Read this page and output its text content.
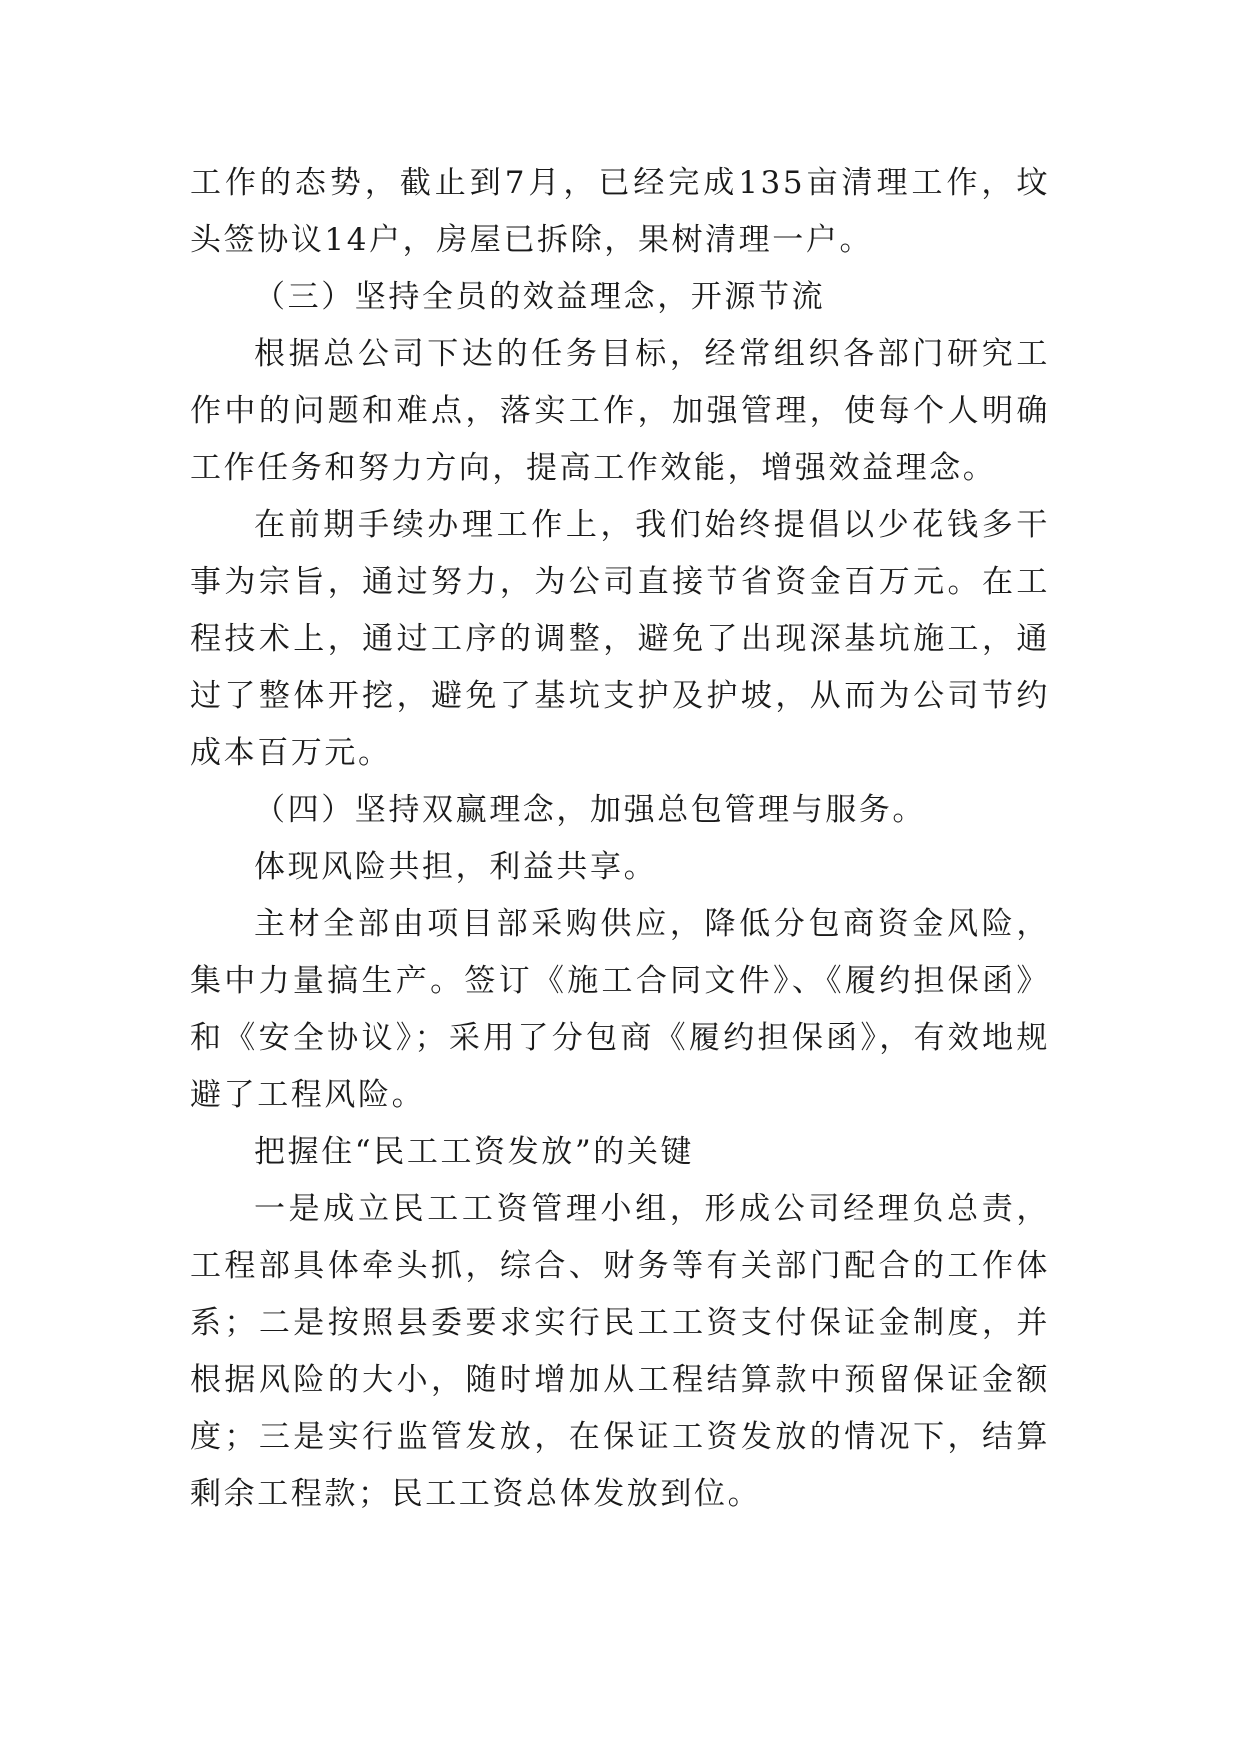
工作的态势，截止到7月，已经完成135亩清理工作，坟头签协议14户，房屋已拆除，果树清理一户。

（三）坚持全员的效益理念，开源节流

根据总公司下达的任务目标，经常组织各部门研究工作中的问题和难点，落实工作，加强管理，使每个人明确工作任务和努力方向，提高工作效能，增强效益理念。

在前期手续办理工作上，我们始终提倡以少花钱多干事为宗旨，通过努力，为公司直接节省资金百万元。在工程技术上，通过工序的调整，避免了出现深基坑施工，通过了整体开挖，避免了基坑支护及护坡，从而为公司节约成本百万元。

（四）坚持双赢理念，加强总包管理与服务。

体现风险共担，利益共享。

主材全部由项目部采购供应，降低分包商资金风险，集中力量搞生产。签订《施工合同文件》、《履约担保函》和《安全协议》；采用了分包商《履约担保函》，有效地规避了工程风险。

把握住“民工工资发放”的关键

一是成立民工工资管理小组，形成公司经理负总责，工程部具体牵头抓，综合、财务等有关部门配合的工作体系；二是按照县委要求实行民工工资支付保证金制度，并根据风险的大小，随时增加从工程结算款中预留保证金额度；三是实行监管发放，在保证工资发放的情况下，结算剩余工程款；民工工资总体发放到位。
